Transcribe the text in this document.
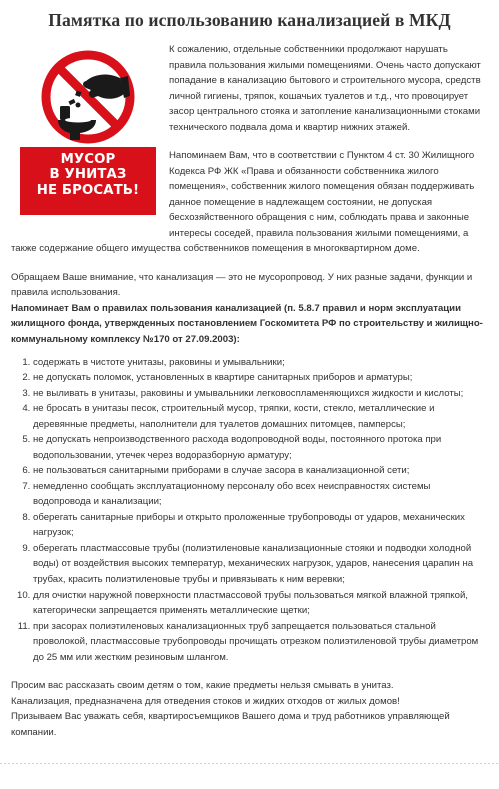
Памятка по использованию канализацией в МКД
МУСОР
В УНИТАЗ
НЕ БРОСАТЬ!

К сожалению, отдельные собственники продолжают нарушать правила пользования жилыми помещениями. Очень часто допускают попадание в канализацию бытового и строительного мусора, средств личной гигиены, тряпок, кошачьих туалетов и т.д., что провоцирует засор центрального стояка и затопление канализационными стоками технического подвала дома и квартир нижних этажей.

Напоминаем Вам, что в соответствии с Пунктом 4 ст. 30 Жилищного Кодекса РФ ЖК «Права и обязанности собственника жилого помещения», собственник жилого помещения обязан поддерживать данное помещение в надлежащем состоянии, не допуская бесхозяйственного обращения с ним, соблюдать права и законные интересы соседей, правила пользования жилыми помещениями, а также содержание общего имущества собственников помещения в многоквартирном доме.

Обращаем Ваше внимание, что канализация — это не мусоропровод. У них разные задачи, функции и правила использования.

Напоминает Вам о правилах пользования канализацией (п. 5.8.7 правил и норм эксплуатации жилищного фонда, утвержденных постановлением Госкомитета РФ по строительству и жилищно-коммунальному комплексу №170 от 27.09.2003):

1. содержать в чистоте унитазы, раковины и умывальники;
2. не допускать поломок, установленных в квартире санитарных приборов и арматуры;
3. не выливать в унитазы, раковины и умывальники легковоспламеняющихся жидкости и кислоты;
4. не бросать в унитазы песок, строительный мусор, тряпки, кости, стекло, металлические и деревянные предметы, наполнители для туалетов домашних питомцев, памперсы;
5. не допускать непроизводственного расхода водопроводной воды, постоянного протока при водопользовании, утечек через водоразборную арматуру;
6. не пользоваться санитарными приборами в случае засора в канализационной сети;
7. немедленно сообщать эксплуатационному персоналу обо всех неисправностях системы водопровода и канализации;
8. оберегать санитарные приборы и открыто проложенные трубопроводы от ударов, механических нагрузок;
9. оберегать пластмассовые трубы (полиэтиленовые канализационные стояки и подводки холодной воды) от воздействия высоких температур, механических нагрузок, ударов, нанесения царапин на трубах, красить полиэтиленовые трубы и привязывать к ним веревки;
10. для очистки наружной поверхности пластмассовой трубы пользоваться мягкой влажной тряпкой, категорически запрещается применять металлические щетки;
11. при засорах полиэтиленовых канализационных труб запрещается пользоваться стальной проволокой, пластмассовые трубопроводы прочищать отрезком полиэтиленовой трубы диаметром до 25 мм или жестким резиновым шлангом.

Просим вас рассказать своим детям о том, какие предметы нельзя смывать в унитаз.

Канализация, предназначена для отведения стоков и жидких отходов от жилых домов!

Призываем Вас уважать себя, квартиросъемщиков Вашего дома и труд работников управляющей компании.
